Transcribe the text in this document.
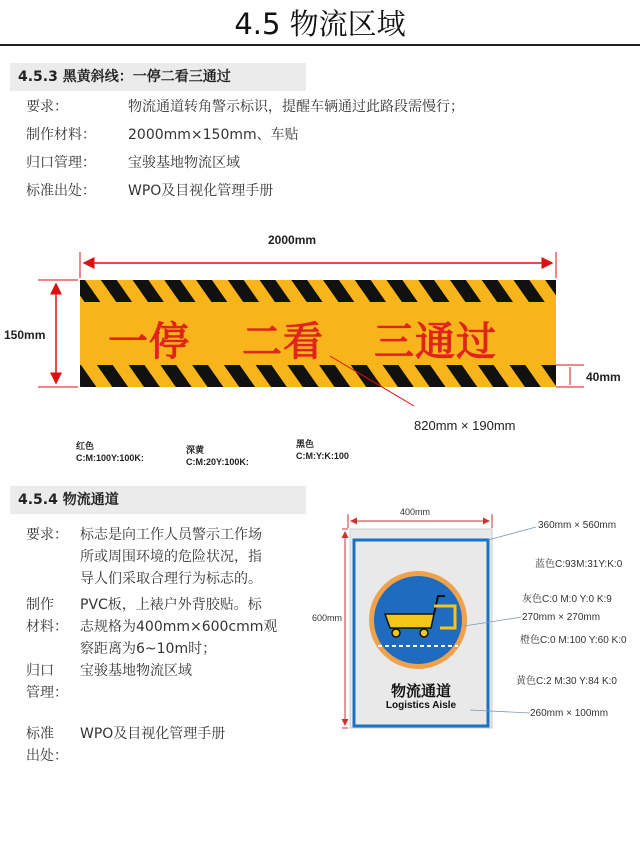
4.5 物流区域
4.5.3 黑黄斜线：一停二看三通过
要求：	物流通道转角警示标识，提醒车辆通过此路段需慢行；
制作材料： 2000mm×150mm、车贴
归口管理： 宝骏基地物流区域
标准出处： WPO及目视化管理手册
2000mm
150mm
40mm
820mm × 190mm
一停 二看 三通过
红色
C:M:100Y:100K:
深黄
C:M:20Y:100K:
黑色
C:M:Y:K:100
4.5.4 物流通道
要求： 标志是向工作人员警示工作场
所或周围环境的危险状况，指
导人们采取合理行为标志的。
制作
材料：
PVC板，上裱户外背胶贴。标
志规格为400mm×600cmm观
察距离为6~10m时；
归口
管理：
宝骏基地物流区域
标准
出处：
WPO及目视化管理手册
400mm
600mm
物流通道
Logistics Aisle
360mm × 560mm
蓝色C:93M:31Y:K:0
灰色C:0 M:0 Y:0 K:9
270mm × 270mm
橙色C:0 M:100 Y:60 K:0
黄色C:2 M:30 Y:84 K:0
260mm × 100mm
